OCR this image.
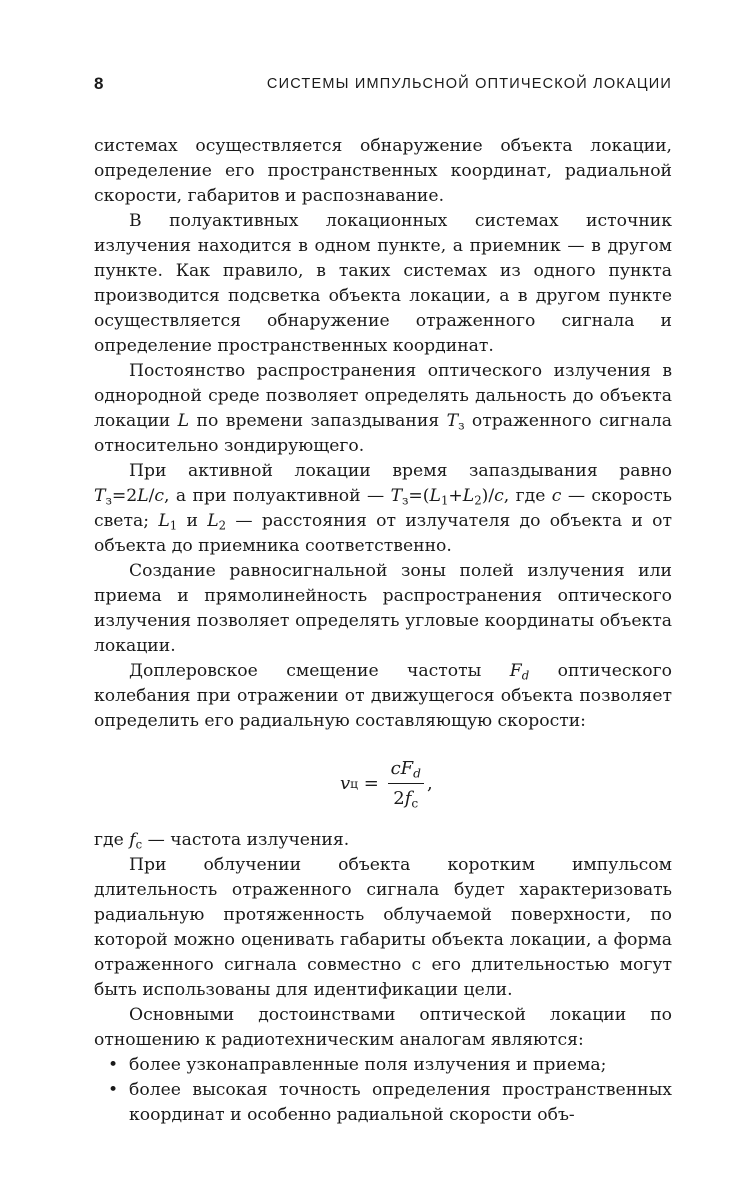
8	СИСТЕМЫ ИМПУЛЬСНОЙ ОПТИЧЕСКОЙ ЛОКАЦИИ

системах осуществляется обнаружение объекта локации, определение его пространственных координат, радиальной скорости, габаритов и распознавание.

В полуактивных локационных системах источник излучения находится в одном пункте, а приемник — в другом пункте. Как правило, в таких системах из одного пункта производится подсветка объекта локации, а в другом пункте осуществляется обнаружение отраженного сигнала и определение пространственных координат.

Постоянство распространения оптического излучения в однородной среде позволяет определять дальность до объекта локации L по времени запаздывания $T_з$ отраженного сигнала относительно зондирующего.

При активной локации время запаздывания равно $T_з=2L/c$, а при полуактивной — $T_з=(L_1+L_2)/c$, где c — скорость света; $L_1$ и $L_2$ — расстояния от излучателя до объекта и от объекта до приемника соответственно.

Создание равносигнальной зоны полей излучения или приема и прямолинейность распространения оптического излучения позволяет определять угловые координаты объекта локации.

Доплеровское смещение частоты $F_d$ оптического колебания при отражении от движущегося объекта позволяет определить его радиальную составляющую скорости:

v $ц = \frac{cF_d}{2f_c}$ ,

где $f_с$ — частота излучения.

При облучении объекта коротким импульсом длительность отраженного сигнала будет характеризовать радиальную протяженность облучаемой поверхности, по которой можно оценивать габариты объекта локации, а форма отраженного сигнала совместно с его длительностью могут быть использованы для идентификации цели.

Основными достоинствами оптической локации по отношению к радиотехническим аналогам являются:

• более узконаправленные поля излучения и приема;
• более высокая точность определения пространственных координат и особенно радиальной скорости объ-
